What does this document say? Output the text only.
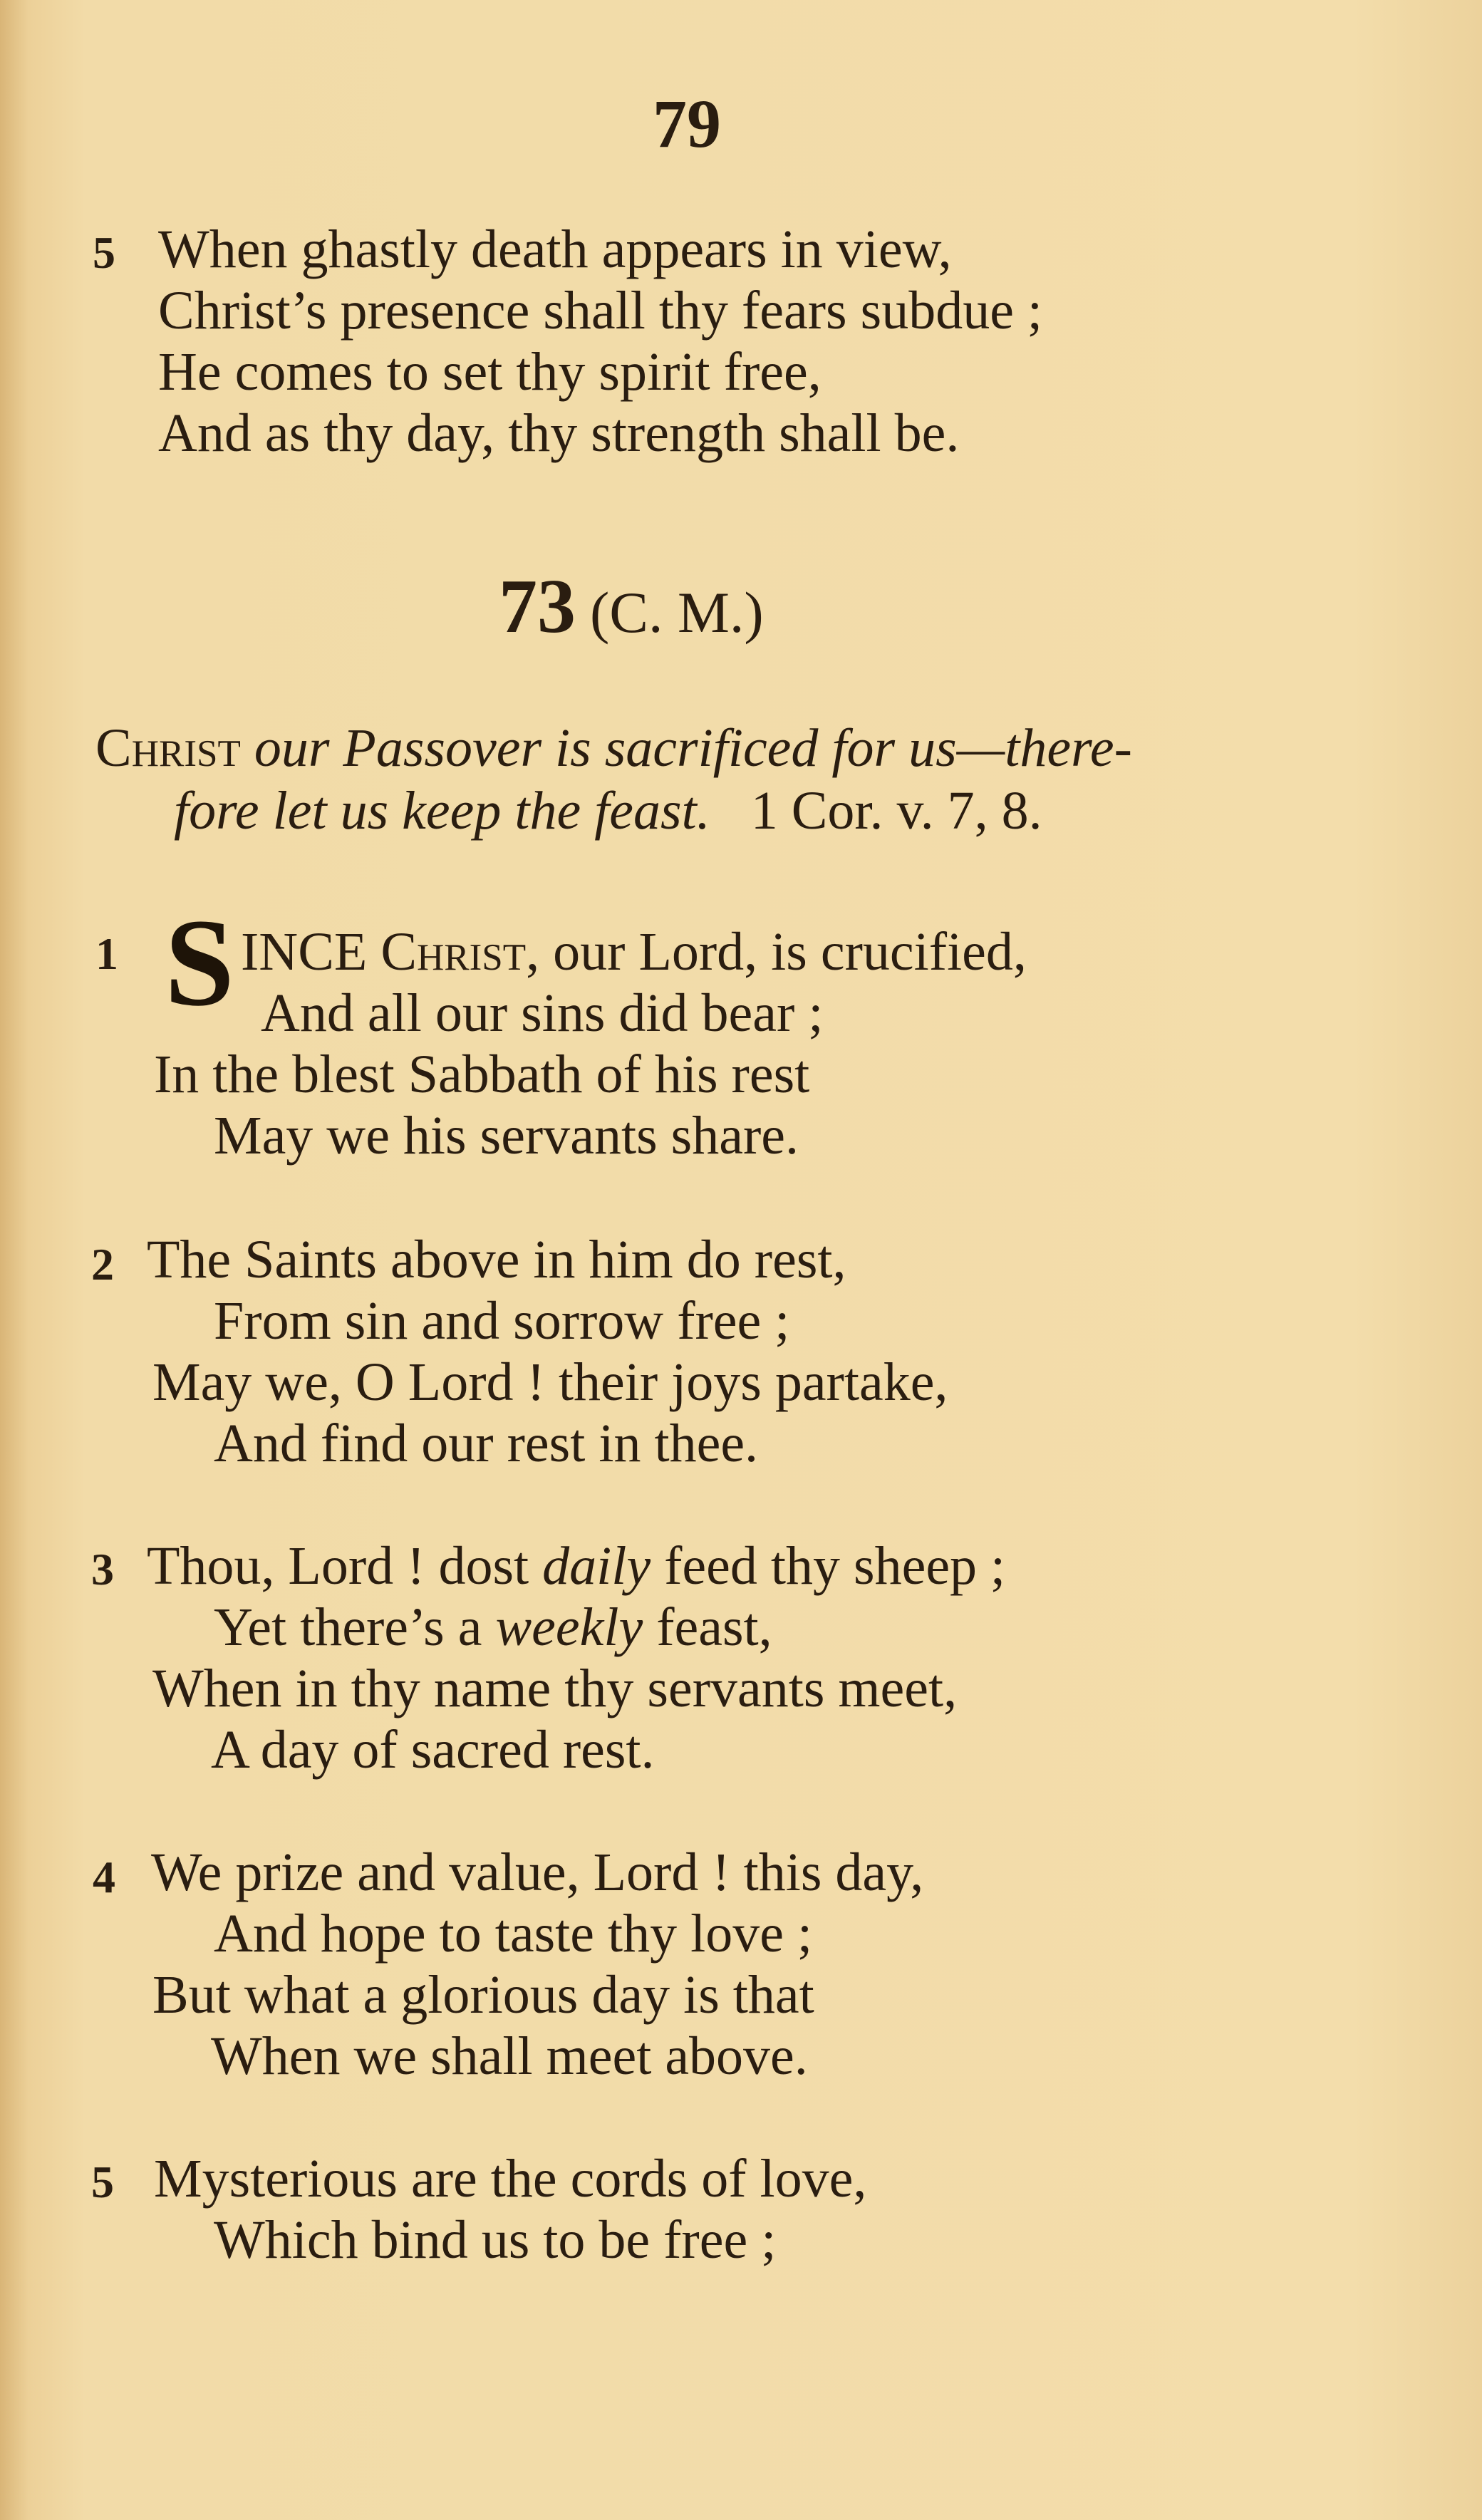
79
5 When ghastly death appears in view,
Christ’s presence shall thy fears subdue ;
He comes to set thy spirit free,
And as thy day, thy strength shall be.
73 (C. M.)
Christ our Passover is sacrificed for us—there-
fore let us keep the feast. 1 Cor. v. 7, 8.
1 S INCE Christ, our Lord, is crucified,
And all our sins did bear ;
In the blest Sabbath of his rest
May we his servants share.
2 The Saints above in him do rest,
From sin and sorrow free ;
May we, O Lord ! their joys partake,
And find our rest in thee.
3 Thou, Lord ! dost daily feed thy sheep ;
Yet there’s a weekly feast,
When in thy name thy servants meet,
A day of sacred rest.
4 We prize and value, Lord ! this day,
And hope to taste thy love ;
But what a glorious day is that
When we shall meet above.
5 Mysterious are the cords of love,
Which bind us to be free ;
